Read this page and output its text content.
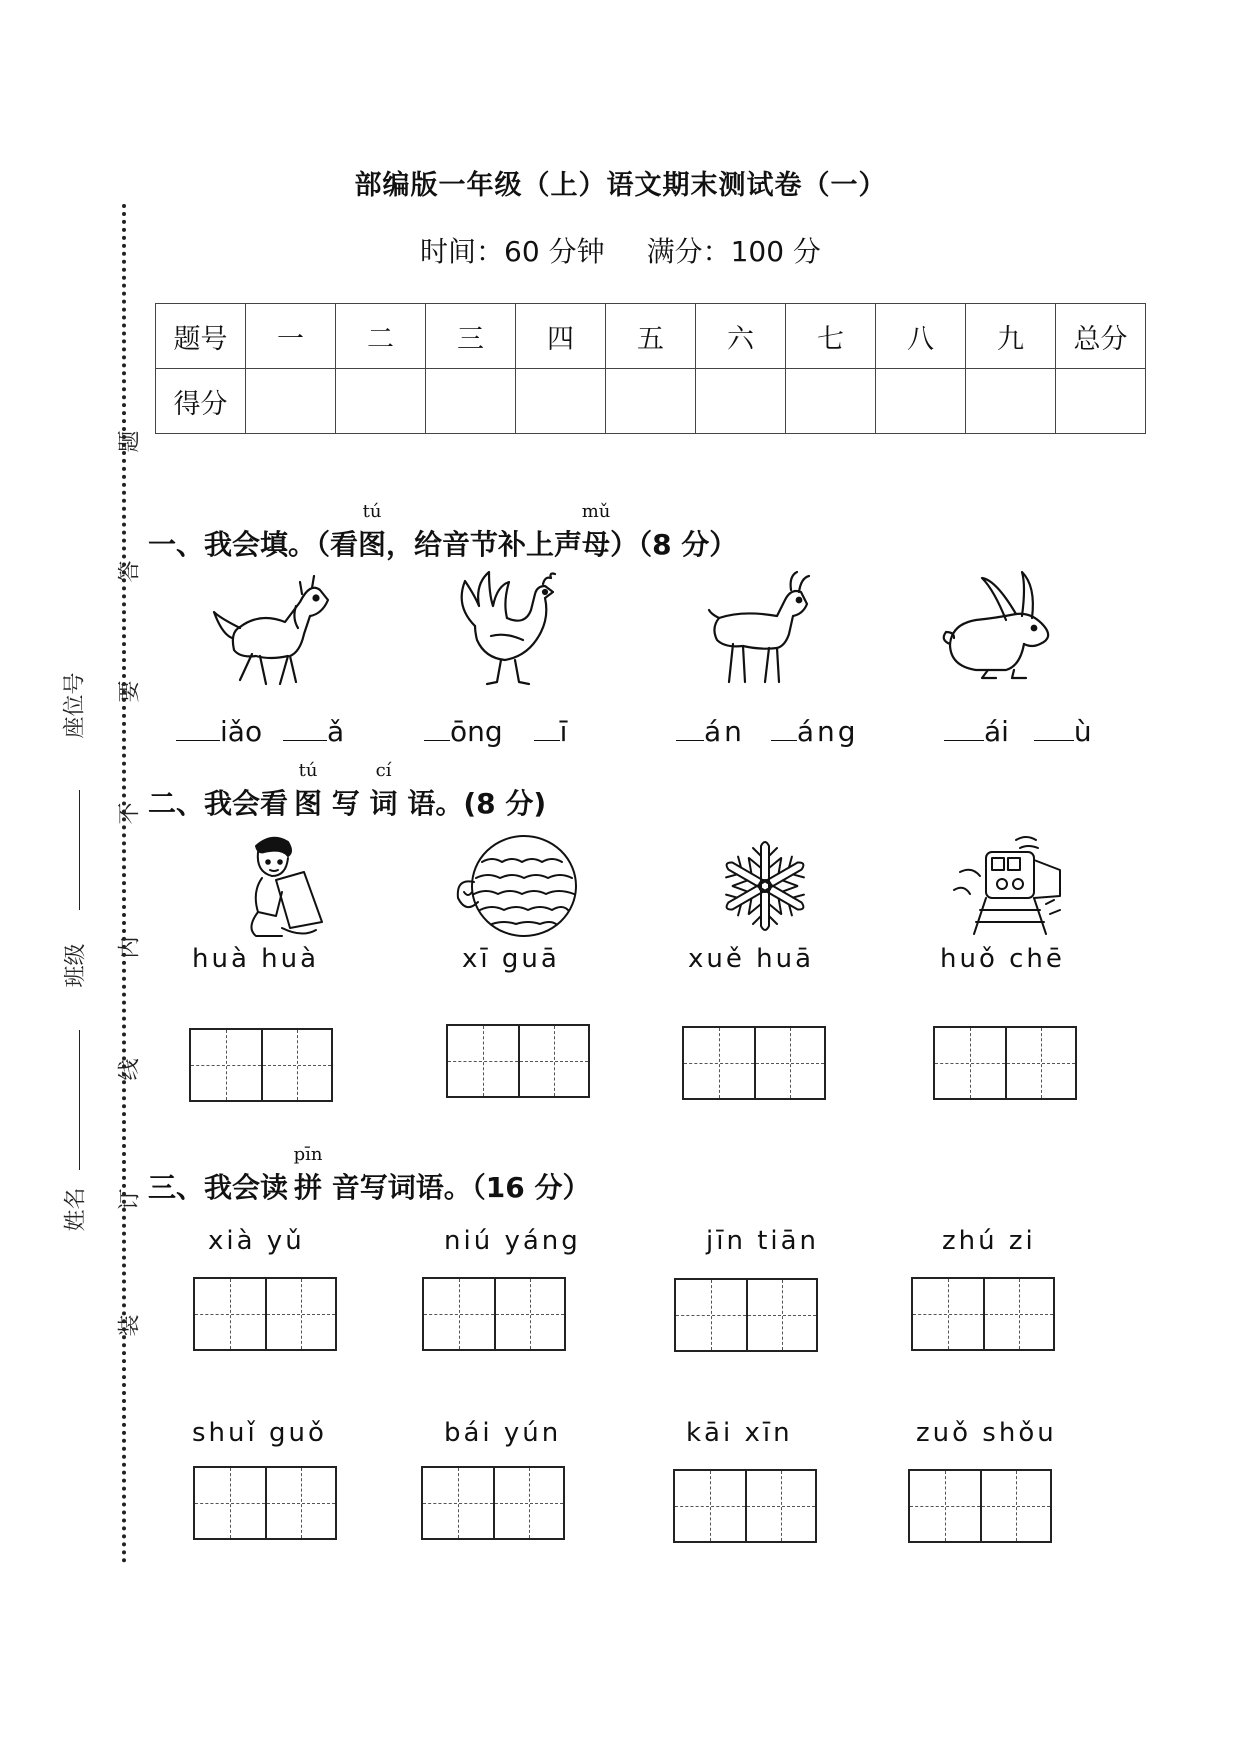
部编版一年级（上）语文期末测试卷（一）
时间：60 分钟 满分：100 分
题
答
要
不
内
线
订
装
座位号
班级
姓名
题号	一	二	三	四	五	六	七	八	九	总分
得分										
一、我会填。（看图
tú
，给音节补上声母
mǔ
）（8 分）
iǎo ǎ	ōng ī	án áng	ái ù
二、我会看 图
tú
写 词
cí
语。(8 分)
huà huà	xī guā	xuě huā	huǒ chē
三、我会读 拼
pīn
音写词语。（16 分）
xià yǔ	niú yáng	jīn tiān	zhú zi
shuǐ guǒ	bái yún	kāi xīn	zuǒ shǒu
